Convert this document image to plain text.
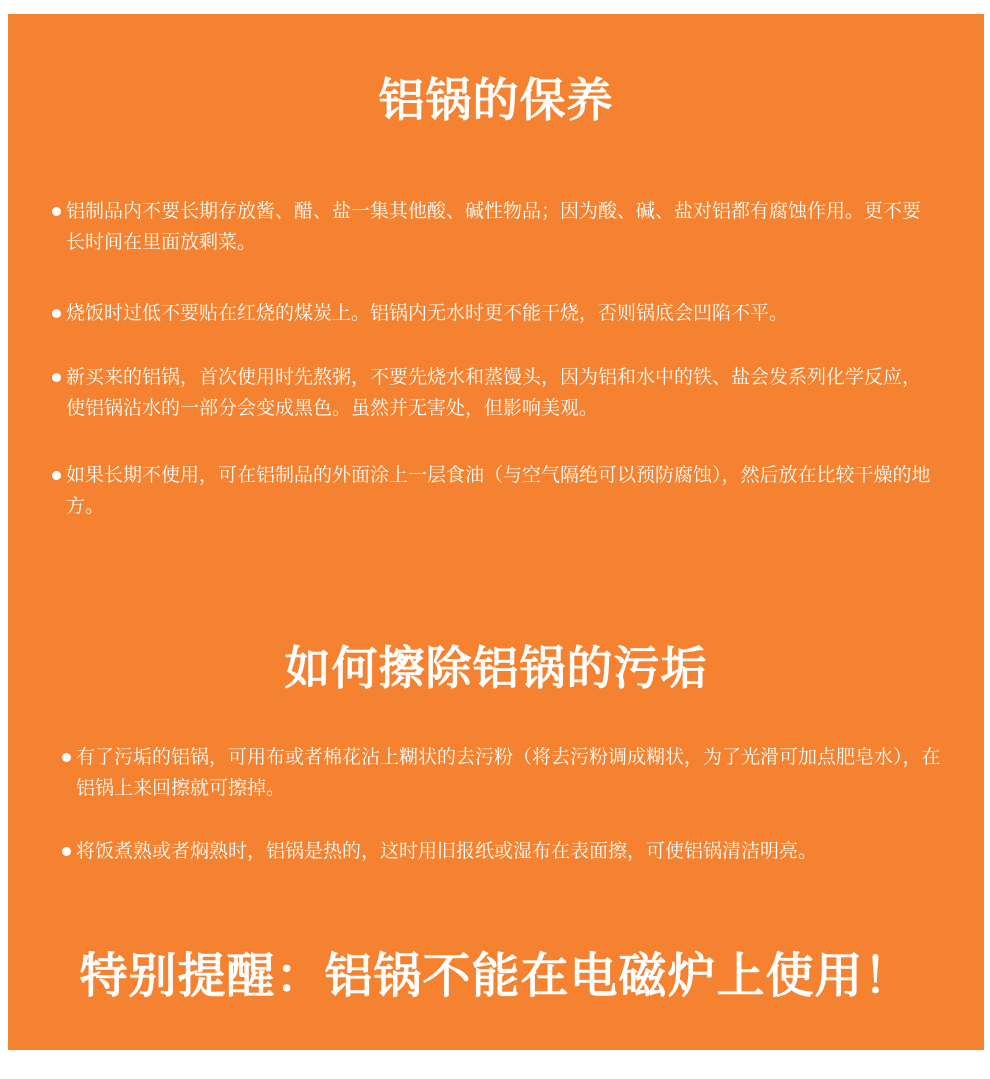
铝锅的保养
铝制品内不要长期存放酱、醋、盐一集其他酸、碱性物品；因为酸、碱、盐对铝都有腐蚀作用。更不要长时间在里面放剩菜。
烧饭时过低不要贴在红烧的煤炭上。铝锅内无水时更不能干烧，否则锅底会凹陷不平。
新买来的铝锅，首次使用时先熬粥，不要先烧水和蒸馒头，因为铝和水中的铁、盐会发系列化学反应，使铝锅沾水的一部分会变成黑色。虽然并无害处，但影响美观。
如果长期不使用，可在铝制品的外面涂上一层食油（与空气隔绝可以预防腐蚀），然后放在比较干燥的地方。
如何擦除铝锅的污垢
有了污垢的铝锅，可用布或者棉花沾上糊状的去污粉（将去污粉调成糊状，为了光滑可加点肥皂水），在铝锅上来回擦就可擦掉。
将饭煮熟或者焖熟时，铝锅是热的，这时用旧报纸或湿布在表面擦，可使铝锅清洁明亮。

特别提醒：铝锅不能在电磁炉上使用！
